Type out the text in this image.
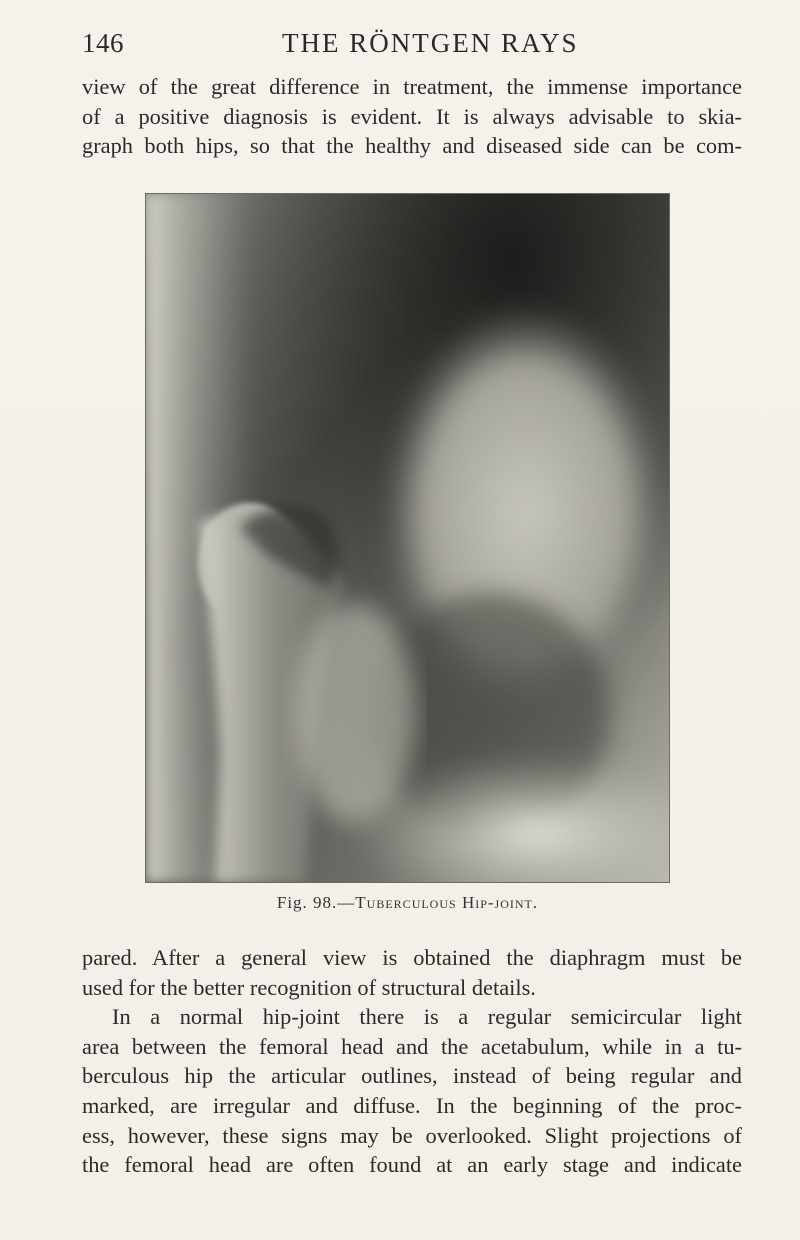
146	THE RÖNTGEN RAYS
view of the great difference in treatment, the immense importance
of a positive diagnosis is evident. It is always advisable to skia-
graph both hips, so that the healthy and diseased side can be com-
Fig. 98.—Tuberculous Hip-joint.
pared. After a general view is obtained the diaphragm must be
used for the better recognition of structural details.
In a normal hip-joint there is a regular semicircular light
area between the femoral head and the acetabulum, while in a tu-
berculous hip the articular outlines, instead of being regular and
marked, are irregular and diffuse. In the beginning of the proc-
ess, however, these signs may be overlooked. Slight projections of
the femoral head are often found at an early stage and indicate
